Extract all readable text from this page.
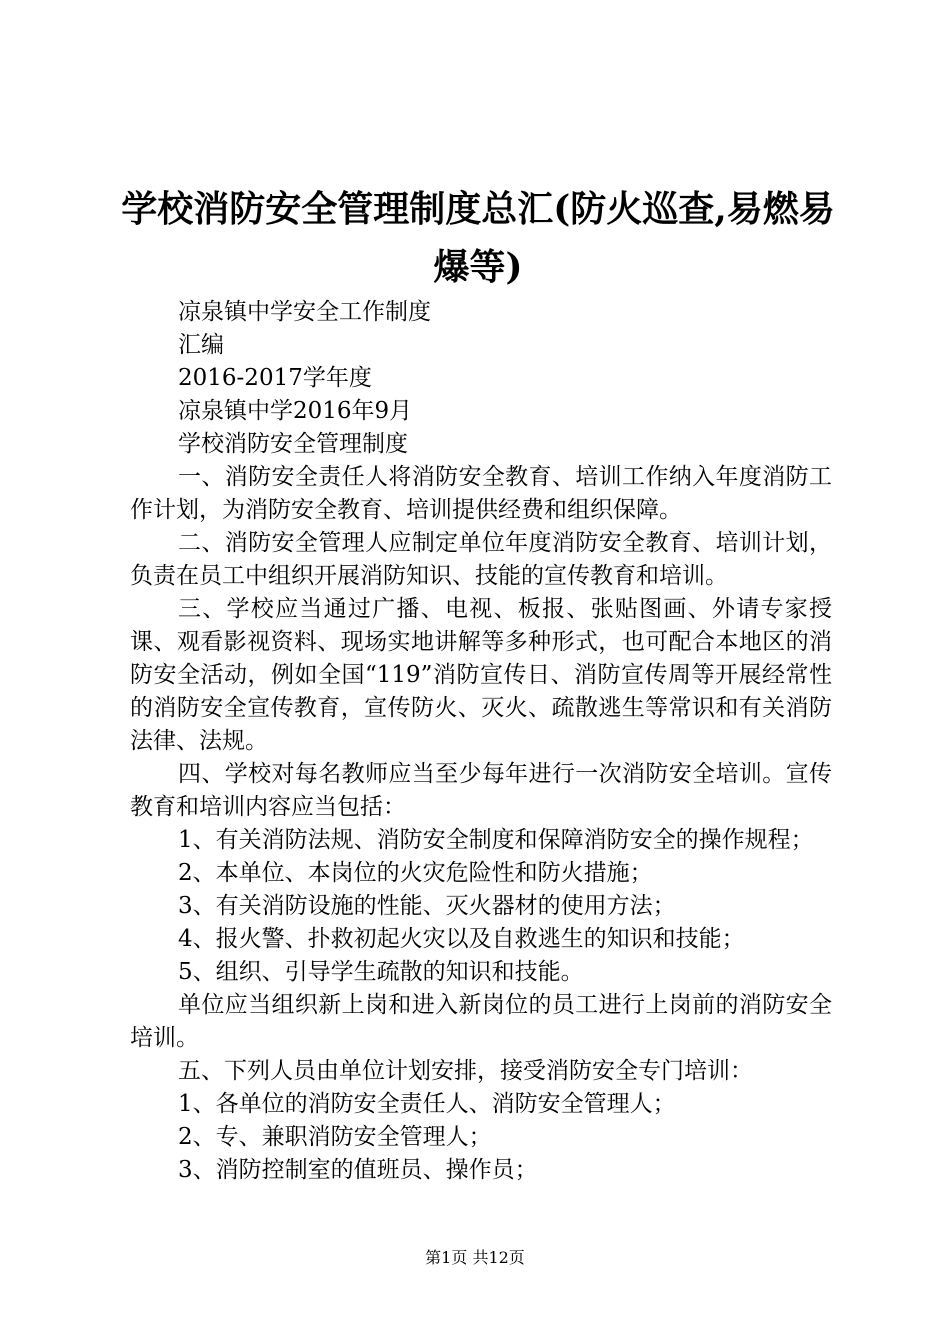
学校消防安全管理制度总汇(防火巡查,易燃易
爆等)
凉泉镇中学安全工作制度
汇编
2016-2017学年度
凉泉镇中学2016年9月
学校消防安全管理制度
一、消防安全责任人将消防安全教育、培训工作纳入年度消防工作计划，为消防安全教育、培训提供经费和组织保障。
二、消防安全管理人应制定单位年度消防安全教育、培训计划，负责在员工中组织开展消防知识、技能的宣传教育和培训。
三、学校应当通过广播、电视、板报、张贴图画、外请专家授课、观看影视资料、现场实地讲解等多种形式，也可配合本地区的消防安全活动，例如全国“119”消防宣传日、消防宣传周等开展经常性的消防安全宣传教育，宣传防火、灭火、疏散逃生等常识和有关消防法律、法规。
四、学校对每名教师应当至少每年进行一次消防安全培训。宣传教育和培训内容应当包括：
1、有关消防法规、消防安全制度和保障消防安全的操作规程；
2、本单位、本岗位的火灾危险性和防火措施；
3、有关消防设施的性能、灭火器材的使用方法；
4、报火警、扑救初起火灾以及自救逃生的知识和技能；
5、组织、引导学生疏散的知识和技能。
单位应当组织新上岗和进入新岗位的员工进行上岗前的消防安全培训。
五、下列人员由单位计划安排，接受消防安全专门培训：
1、各单位的消防安全责任人、消防安全管理人；
2、专、兼职消防安全管理人；
3、消防控制室的值班员、操作员；
第1页 共12页
